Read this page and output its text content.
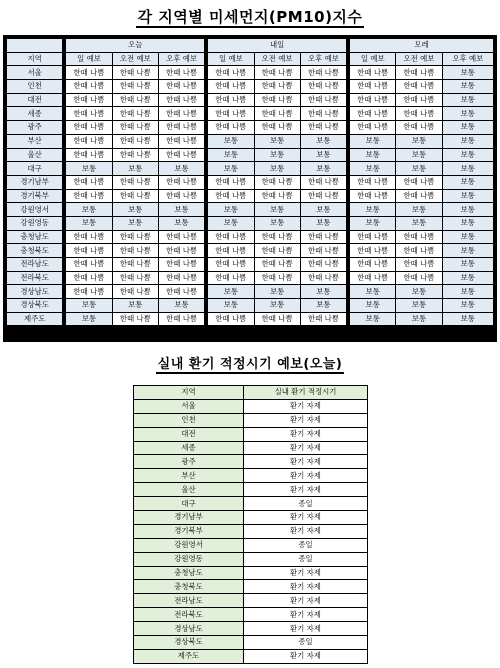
각 지역별 미세먼지(PM10)지수
		오늘				내일				모레		
지역		일 예보	오전 예보	오후 예보		일 예보	오전 예보	오후 예보		일 예보	오전 예보	오후 예보
서울		한때 나쁨	한때 나쁨	한때 나쁨		한때 나쁨	한때 나쁨	한때 나쁨		한때 나쁨	한때 나쁨	보통
인천		한때 나쁨	한때 나쁨	한때 나쁨		한때 나쁨	한때 나쁨	한때 나쁨		한때 나쁨	한때 나쁨	보통
대전		한때 나쁨	한때 나쁨	한때 나쁨		한때 나쁨	한때 나쁨	한때 나쁨		한때 나쁨	한때 나쁨	보통
세종		한때 나쁨	한때 나쁨	한때 나쁨		한때 나쁨	한때 나쁨	한때 나쁨		한때 나쁨	한때 나쁨	보통
광주		한때 나쁨	한때 나쁨	한때 나쁨		한때 나쁨	한때 나쁨	한때 나쁨		한때 나쁨	한때 나쁨	보통
부산		한때 나쁨	한때 나쁨	한때 나쁨		보통	보통	보통		보통	보통	보통
울산		한때 나쁨	한때 나쁨	한때 나쁨		보통	보통	보통		보통	보통	보통
대구		보통	보통	보통		보통	보통	보통		보통	보통	보통
경기남부		한때 나쁨	한때 나쁨	한때 나쁨		한때 나쁨	한때 나쁨	한때 나쁨		한때 나쁨	한때 나쁨	보통
경기북부		한때 나쁨	한때 나쁨	한때 나쁨		한때 나쁨	한때 나쁨	한때 나쁨		한때 나쁨	한때 나쁨	보통
강원영서		보통	보통	보통		보통	보통	보통		보통	보통	보통
강원영동		보통	보통	보통		보통	보통	보통		보통	보통	보통
충청남도		한때 나쁨	한때 나쁨	한때 나쁨		한때 나쁨	한때 나쁨	한때 나쁨		한때 나쁨	한때 나쁨	보통
충청북도		한때 나쁨	한때 나쁨	한때 나쁨		한때 나쁨	한때 나쁨	한때 나쁨		한때 나쁨	한때 나쁨	보통
전라남도		한때 나쁨	한때 나쁨	한때 나쁨		한때 나쁨	한때 나쁨	한때 나쁨		한때 나쁨	한때 나쁨	보통
전라북도		한때 나쁨	한때 나쁨	한때 나쁨		한때 나쁨	한때 나쁨	한때 나쁨		한때 나쁨	한때 나쁨	보통
경상남도		한때 나쁨	한때 나쁨	한때 나쁨		보통	보통	보통		보통	보통	보통
경상북도		보통	보통	보통		보통	보통	보통		보통	보통	보통
제주도		보통	한때 나쁨	한때 나쁨		한때 나쁨	한때 나쁨	한때 나쁨		보통	보통	보통
실내 환기 적정시기 예보(오늘)
지역	실내 환기 적정시기
서울	환기 자제
인천	환기 자제
대전	환기 자제
세종	환기 자제
광주	환기 자제
부산	환기 자제
울산	환기 자제
대구	종일
경기남부	환기 자제
경기북부	환기 자제
강원영서	종일
강원영동	종일
충청남도	환기 자제
충청북도	환기 자제
전라남도	환기 자제
전라북도	환기 자제
경상남도	환기 자제
경상북도	종일
제주도	환기 자제
